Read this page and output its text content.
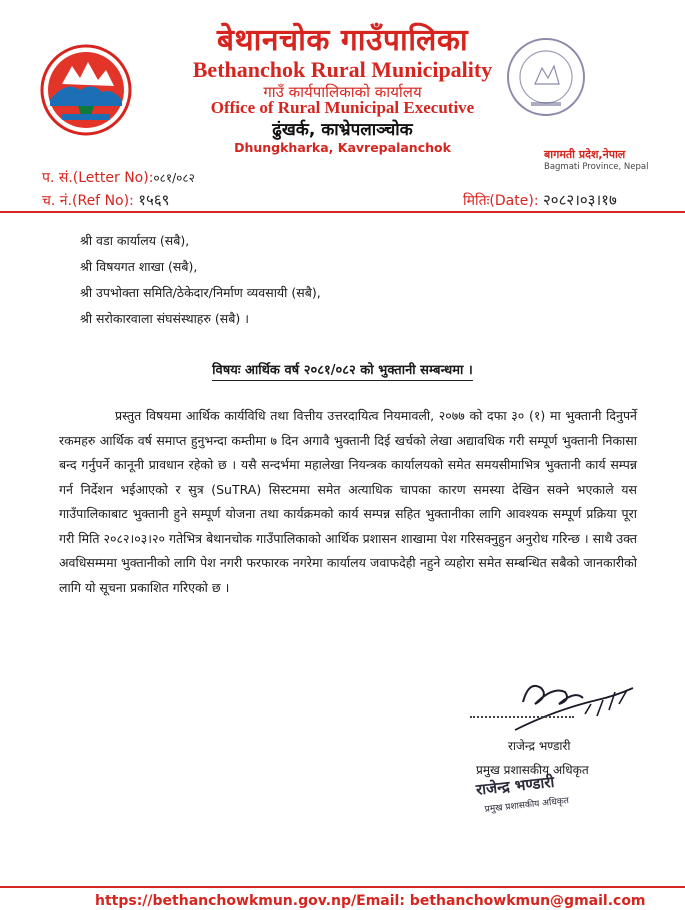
बेथानचोक गाउँपालिका
Bethanchok Rural Municipality
गाउँ कार्यपालिकाको कार्यालय
Office of Rural Municipal Executive
ढुंखर्क, काभ्रेपलाञ्चोक
Dhungkharka, Kavrepalanchok	बागमती प्रदेश,नेपाल
Bagmati Province, Nepal
प. सं.(Letter No):०८१/०८२
च. नं.(Ref No): १५६९	मितिः(Date): २०८२।०३।१७
श्री वडा कार्यालय (सबै),
श्री विषयगत शाखा (सबै),
श्री उपभोक्ता समिति/ठेकेदार/निर्माण व्यवसायी (सबै),
श्री सरोकारवाला संघसंस्थाहरु (सबै) ।
विषयः आर्थिक वर्ष २०८१/०८२ को भुक्तानी सम्बन्धमा ।
प्रस्तुत विषयमा आर्थिक कार्यविधि तथा वित्तीय उत्तरदायित्व नियमावली, २०७७ को दफा ३० (१) मा भुक्तानी दिनुपर्ने रकमहरु आर्थिक वर्ष समाप्त हुनुभन्दा कम्तीमा ७ दिन अगावै भुक्तानी दिई खर्चको लेखा अद्यावधिक गरी सम्पूर्ण भुक्तानी निकासा बन्द गर्नुपर्ने कानूनी प्रावधान रहेको छ । यसै सन्दर्भमा महालेखा नियन्त्रक कार्यालयको समेत समयसीमाभित्र भुक्तानी कार्य सम्पन्न गर्न निर्देशन भईआएको र सुत्र (SuTRA) सिस्टममा समेत अत्याधिक चापका कारण समस्या देखिन सक्ने भएकाले यस गाउँपालिकाबाट भुक्तानी हुने सम्पूर्ण योजना तथा कार्यक्रमको कार्य सम्पन्न सहित भुक्तानीका लागि आवश्यक सम्पूर्ण प्रक्रिया पूरा गरी मिति २०८२।०३।२० गतेभित्र बेथानचोक गाउँपालिकाको आर्थिक प्रशासन शाखामा पेश गरिसक्नुहुन अनुरोध गरिन्छ । साथै उक्त अवधिसम्ममा भुक्तानीको लागि पेश नगरी फरफारक नगरेमा कार्यालय जवाफदेही नहुने व्यहोरा समेत सम्बन्धित सबैको जानकारीको लागि यो सूचना प्रकाशित गरिएको छ ।
राजेन्द्र भण्डारी
प्रमुख प्रशासकीय अधिकृत
राजेन्द्र भण्डारी
प्रमुख प्रशासकीय अधिकृत
https://bethanchowkmun.gov.np/Email: bethanchowkmun@gmail.com
